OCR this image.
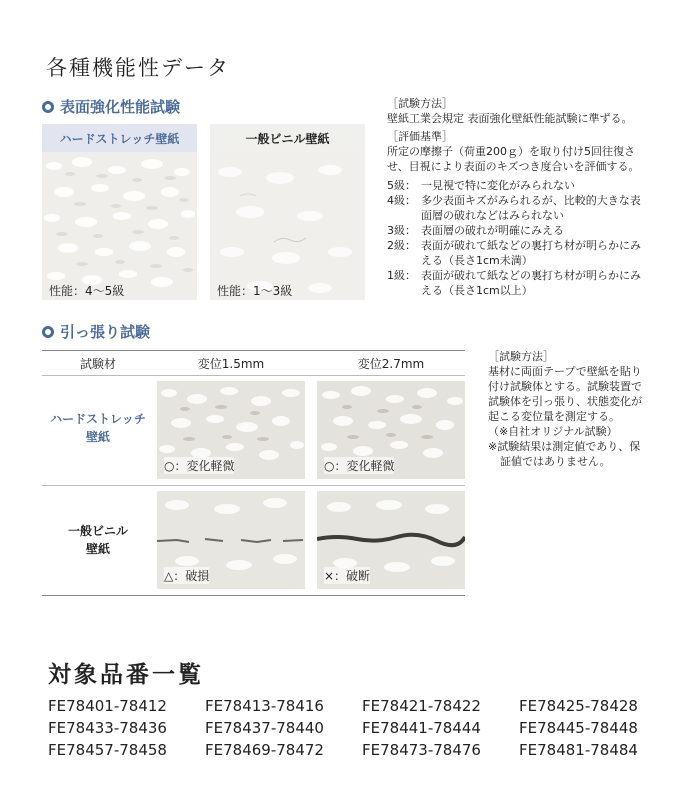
各種機能性データ
表面強化性能試験
ハードストレッチ壁紙
性能：4～5級
一般ビニル壁紙
性能：1～3級
［試験方法］
壁紙工業会規定 表面強化壁紙性能試験に準ずる。
［評価基準］
所定の摩擦子（荷重200ｇ）を取り付け5回往復さ
せ、目視により表面のキズつき度合いを評価する。
5級： 一見視で特に変化がみられない
4級： 多少表面キズがみられるが、比較的大きな表
面層の破れなどはみられない
3級： 表面層の破れが明確にみえる
2級： 表面が破れて紙などの裏打ち材が明らかにみ
える（長さ1cm未満）
1級： 表面が破れて紙などの裏打ち材が明らかにみ
える（長さ1cm以上）
引っ張り試験
試験材	変位1.5mm	変位2.7mm
ハードストレッチ
壁紙
○：変化軽微	○：変化軽微
一般ビニル
壁紙
△：破損	×：破断
［試験方法］
基材に両面テープで壁紙を貼り
付け試験体とする。試験装置で
試験体を引っ張り、状態変化が
起こる変位量を測定する。
（※自社オリジナル試験）
※試験結果は測定値であり、保
証値ではありません。
対象品番一覧
FE78401-78412	FE78413-78416	FE78421-78422	FE78425-78428
FE78433-78436	FE78437-78440	FE78441-78444	FE78445-78448
FE78457-78458	FE78469-78472	FE78473-78476	FE78481-78484
